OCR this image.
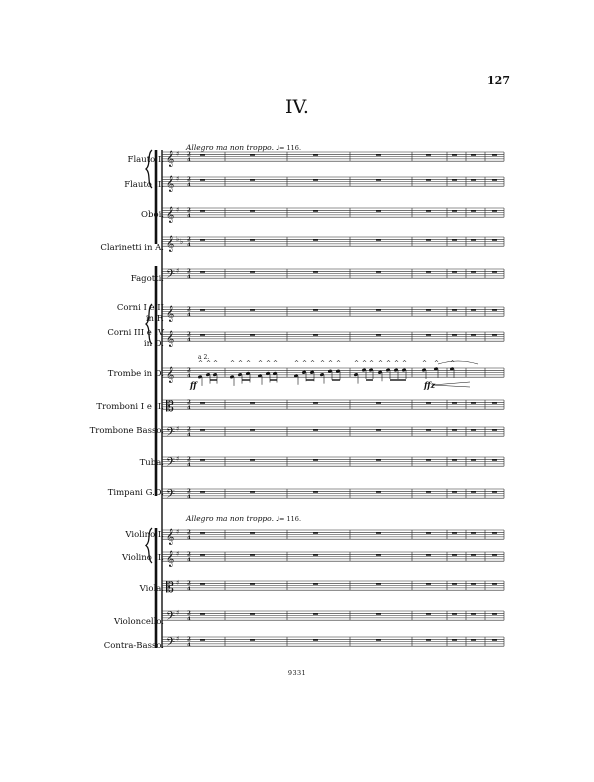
127
IV.
Allegro ma non troppo. ♩= 116.
Allegro ma non troppo. ♩= 116.
Flauto I.
Flauto II.
Oboi.
Clarinetti in A.
Fagotti.
Corni I e II
in F.
Corni III e IV
in D.
Trombe in D.
Tromboni I e II.
Trombone Basso.
Tuba.
Timpani G.D.
Violino I.
Violino II.
Viola.
Violoncello.
Contra-Basso.
𝄞 ♯ 2
4
𝄞 ♯ 2
4
𝄞 ♯ 2
4
𝄞 ♭ ♭ 2
4
𝄢 ♯ 2
4
𝄞 2
4
𝄞 2
4
𝄞 2
4
𝄡 2
4
𝄢 ♯ 2
4
𝄢 ♯ 2
4
𝄢 2
4
𝄞 ♯ 2
4
𝄞 ♯ 2
4
𝄡 ♯ 2
4
𝄢 ♯ 2
4
𝄢 ♯ 2
4
a 2.
ff	ffz
^ ^ ^ ^ ^ ^ ^ ^ ^	^ ^ ^ ^ ^ ^ ^ ^ ^ ^ ^ ^ ^ ^ ^ ^
9331
